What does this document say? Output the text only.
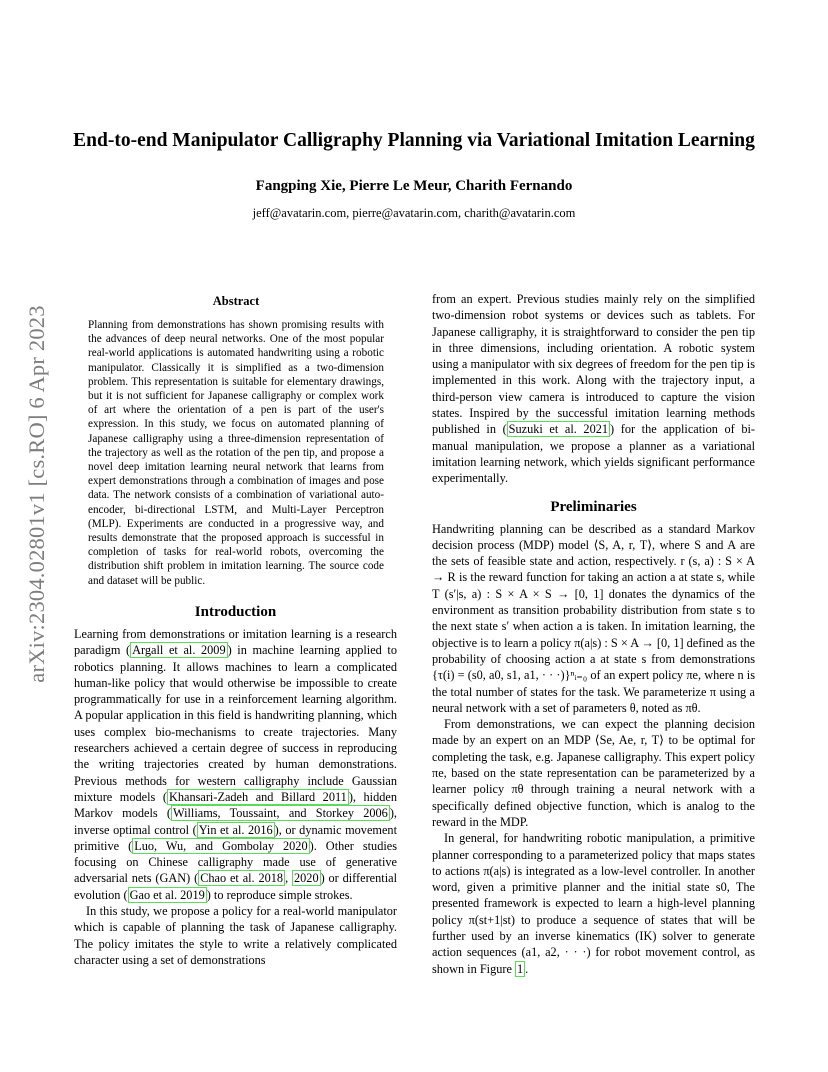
arXiv:2304.02801v1 [cs.RO] 6 Apr 2023
End-to-end Manipulator Calligraphy Planning via Variational Imitation Learning
Fangping Xie, Pierre Le Meur, Charith Fernando
jeff@avatarin.com, pierre@avatarin.com, charith@avatarin.com
Abstract

Planning from demonstrations has shown promising results with the advances of deep neural networks. One of the most popular real-world applications is automated handwriting using a robotic manipulator. Classically it is simplified as a two-dimension problem. This representation is suitable for elementary drawings, but it is not sufficient for Japanese calligraphy or complex work of art where the orientation of a pen is part of the user's expression. In this study, we focus on automated planning of Japanese calligraphy using a three-dimension representation of the trajectory as well as the rotation of the pen tip, and propose a novel deep imitation learning neural network that learns from expert demonstrations through a combination of images and pose data. The network consists of a combination of variational auto-encoder, bi-directional LSTM, and Multi-Layer Perceptron (MLP). Experiments are conducted in a progressive way, and results demonstrate that the proposed approach is successful in completion of tasks for real-world robots, overcoming the distribution shift problem in imitation learning. The source code and dataset will be public.

Introduction

Learning from demonstrations or imitation learning is a research paradigm ( Argall et al. 2009 ) in machine learning applied to robotics planning. It allows machines to learn a complicated human-like policy that would otherwise be impossible to create programmatically for use in a reinforcement learning algorithm. A popular application in this field is handwriting planning, which uses complex bio-mechanisms to create trajectories. Many researchers achieved a certain degree of success in reproducing the writing trajectories created by human demonstrations. Previous methods for western calligraphy include Gaussian mixture models ( Khansari-Zadeh and Billard 2011 ), hidden Markov models ( Williams, Toussaint, and Storkey 2006 ), inverse optimal control ( Yin et al. 2016 ), or dynamic movement primitive ( Luo, Wu, and Gombolay 2020 ). Other studies focusing on Chinese calligraphy made use of generative adversarial nets (GAN) ( Chao et al. 2018 , 2020 ) or differential evolution ( Gao et al. 2019 ) to reproduce simple strokes.

In this study, we propose a policy for a real-world manipulator which is capable of planning the task of Japanese calligraphy. The policy imitates the style to write a relatively complicated character using a set of demonstrations

from an expert. Previous studies mainly rely on the simplified two-dimension robot systems or devices such as tablets. For Japanese calligraphy, it is straightforward to consider the pen tip in three dimensions, including orientation. A robotic system using a manipulator with six degrees of freedom for the pen tip is implemented in this work. Along with the trajectory input, a third-person view camera is introduced to capture the vision states. Inspired by the successful imitation learning methods published in ( Suzuki et al. 2021 ) for the application of bi-manual manipulation, we propose a planner as a variational imitation learning network, which yields significant performance experimentally.

Preliminaries

Handwriting planning can be described as a standard Markov decision process (MDP) model ⟨S, A, r, T⟩, where S and A are the sets of feasible state and action, respectively. r (s, a) : S × A → R is the reward function for taking an action a at state s, while T (s′|s, a) : S × A × S → [0, 1] donates the dynamics of the environment as transition probability distribution from state s to the next state s′ when action a is taken. In imitation learning, the objective is to learn a policy π(a|s) : S × A → [0, 1] defined as the probability of choosing action a at state s from demonstrations {τ(i) = (s0, a0, s1, a1, · · ·)}ⁿᵢ₌₀ of an expert policy πe, where n is the total number of states for the task. We parameterize π using a neural network with a set of parameters θ, noted as πθ.

From demonstrations, we can expect the planning decision made by an expert on an MDP ⟨Se, Ae, r, T⟩ to be optimal for completing the task, e.g. Japanese calligraphy. This expert policy πe, based on the state representation can be parameterized by a learner policy πθ through training a neural network with a specifically defined objective function, which is analog to the reward in the MDP.

In general, for handwriting robotic manipulation, a primitive planner corresponding to a parameterized policy that maps states to actions π(a|s) is integrated as a low-level controller. In another word, given a primitive planner and the initial state s0, The presented framework is expected to learn a high-level planning policy π(st+1|st) to produce a sequence of states that will be further used by an inverse kinematics (IK) solver to generate action sequences (a1, a2, · · ·) for robot movement control, as shown in Figure 1 .
